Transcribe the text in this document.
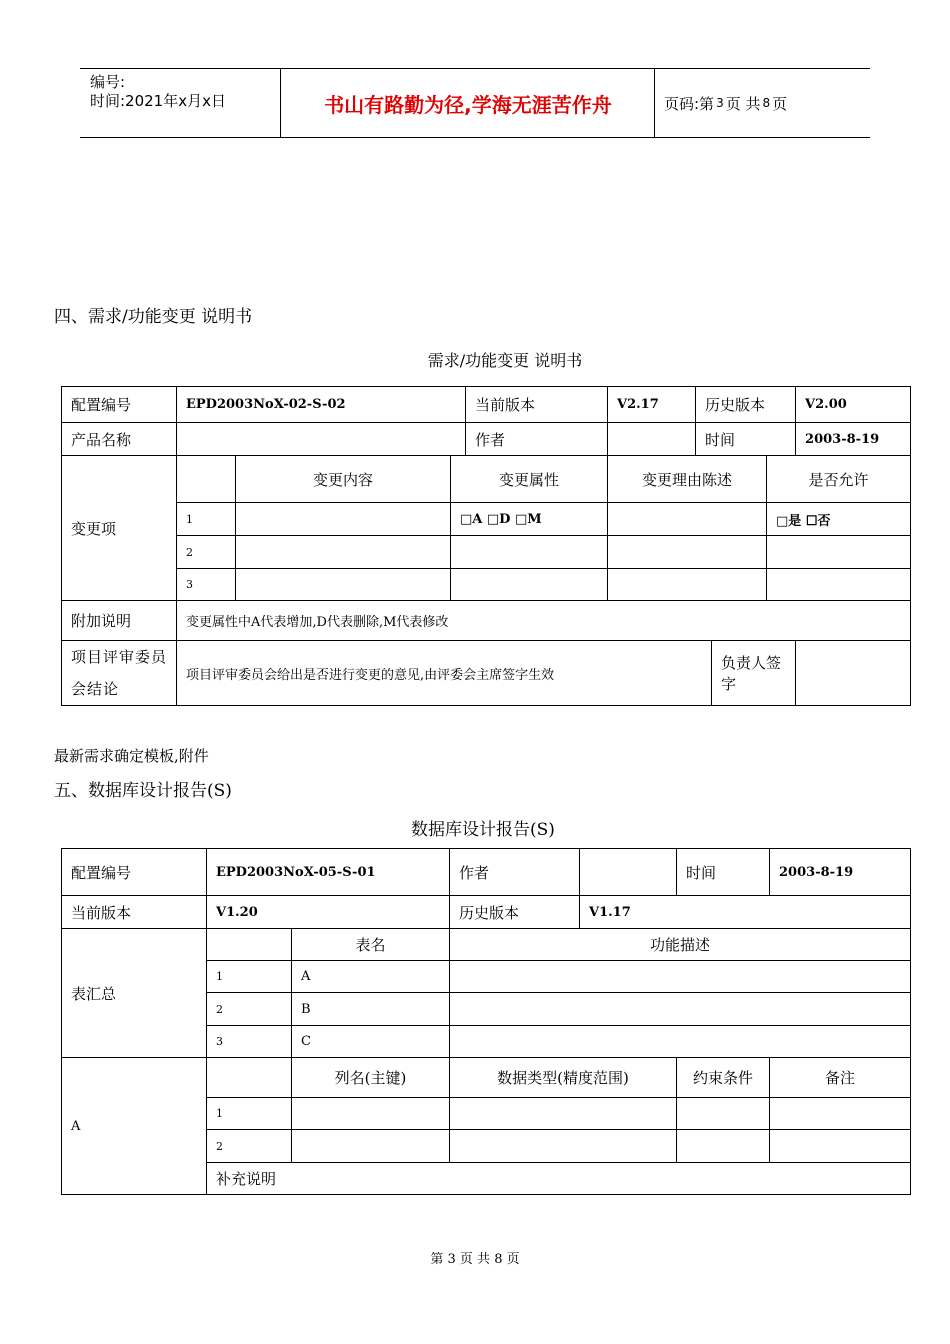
编号:
时间:2021年x月x日	书山有路勤为径,学海无涯苦作舟	页码:第 3 页 共 8 页
四、需求/功能变更 说明书
需求/功能变更 说明书
配置编号	EPD2003NoX-02-S-02			当前版本	V2.17	历史版本			V2.00
产品名称				作者		时间			2003-8-19
变更项		变更内容	变更属性		变更理由陈述			是否允许	
	1		□A □D □M					□是 ☐否	
	2								
	3								
附加说明	变更属性中A代表增加,D代表删除,M代表修改								
项目评审委员会结论	项目评审委员会给出是否进行变更的意见,由评委会主席签字生效						负责人签字		
最新需求确定模板,附件
五、数据库设计报告(S)
数据库设计报告(S)
配置编号	EPD2003NoX-05-S-01		作者		时间	2003-8-19
当前版本	V1.20		历史版本	V1.17		
表汇总		表名	功能描述			
	1	A				
	2	B				
	3	C				
A		列名(主键)	数据类型(精度范围)		约束条件	备注
	1					
	2					
	补充说明					
第 3 页 共 8 页
